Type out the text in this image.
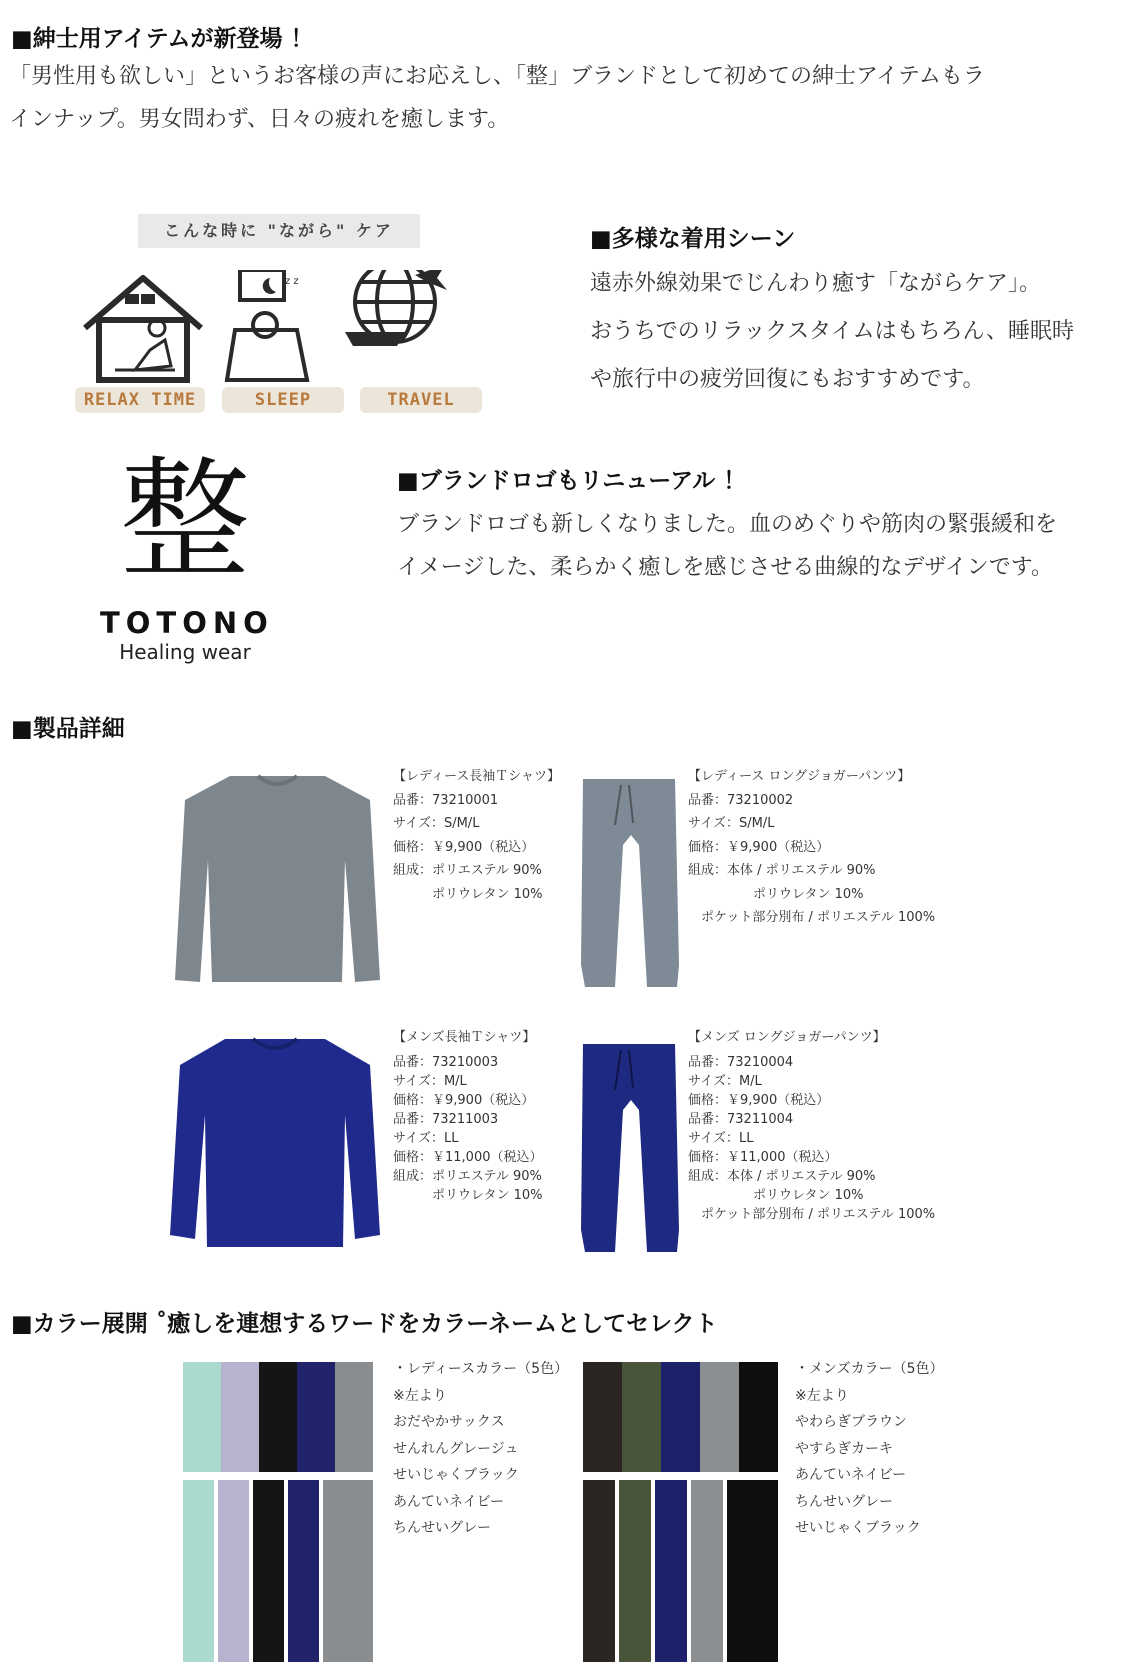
■紳士用アイテムが新登場 ！
「男性用も欲しい」というお客様の声にお応えし、「整」ブランドとして初めての紳士アイテムもラ
インナップ。男女問わず、日々の疲れを癒します。
こんな時に "ながら" ケア
z z
RELAX TIME	SLEEP	TRAVEL
■多様な着用シーン
遠赤外線効果でじんわり癒す「ながらケア」。
おうちでのリラックスタイムはもちろん、睡眠時
や旅行中の疲労回復にもおすすめです。
整
TOTONO
Healing wear
■ブランドロゴもリニューアル ！
ブランドロゴも新しくなりました。血のめぐりや筋肉の緊張緩和を
イメージした、柔らかく癒しを感じさせる曲線的なデザインです。
■製品詳細
【レディース長袖Ｔシャツ】
品番：73210001
サイズ：S/M/L
価格：￥9,900（税込）
組成：ポリエステル 90%
　　　ポリウレタン 10%
【レディース ロングジョガーパンツ】
品番：73210002
サイズ：S/M/L
価格：￥9,900（税込）
組成：本体 / ポリエステル 90%
　　　　　ポリウレタン 10%
　ポケット部分別布 / ポリエステル 100%
【メンズ長袖Ｔシャツ】
品番：73210003
サイズ：M/L
価格：￥9,900（税込）
品番：73211003
サイズ：LL
価格：￥11,000（税込）
組成：ポリエステル 90%
　　　ポリウレタン 10%
【メンズ ロングジョガーパンツ】
品番：73210004
サイズ：M/L
価格：￥9,900（税込）
品番：73211004
サイズ：LL
価格：￥11,000（税込）
組成：本体 / ポリエステル 90%
　　　　　ポリウレタン 10%
　ポケット部分別布 / ポリエステル 100%
■カラー展開 ˚癒しを連想するワードをカラーネームとしてセレクト
・レディースカラー（5色）
※左より
おだやかサックス
せんれんグレージュ
せいじゃくブラック
あんていネイビー
ちんせいグレー
・メンズカラー（5色）
※左より
やわらぎブラウン
やすらぎカーキ
あんていネイビー
ちんせいグレー
せいじゃくブラック
